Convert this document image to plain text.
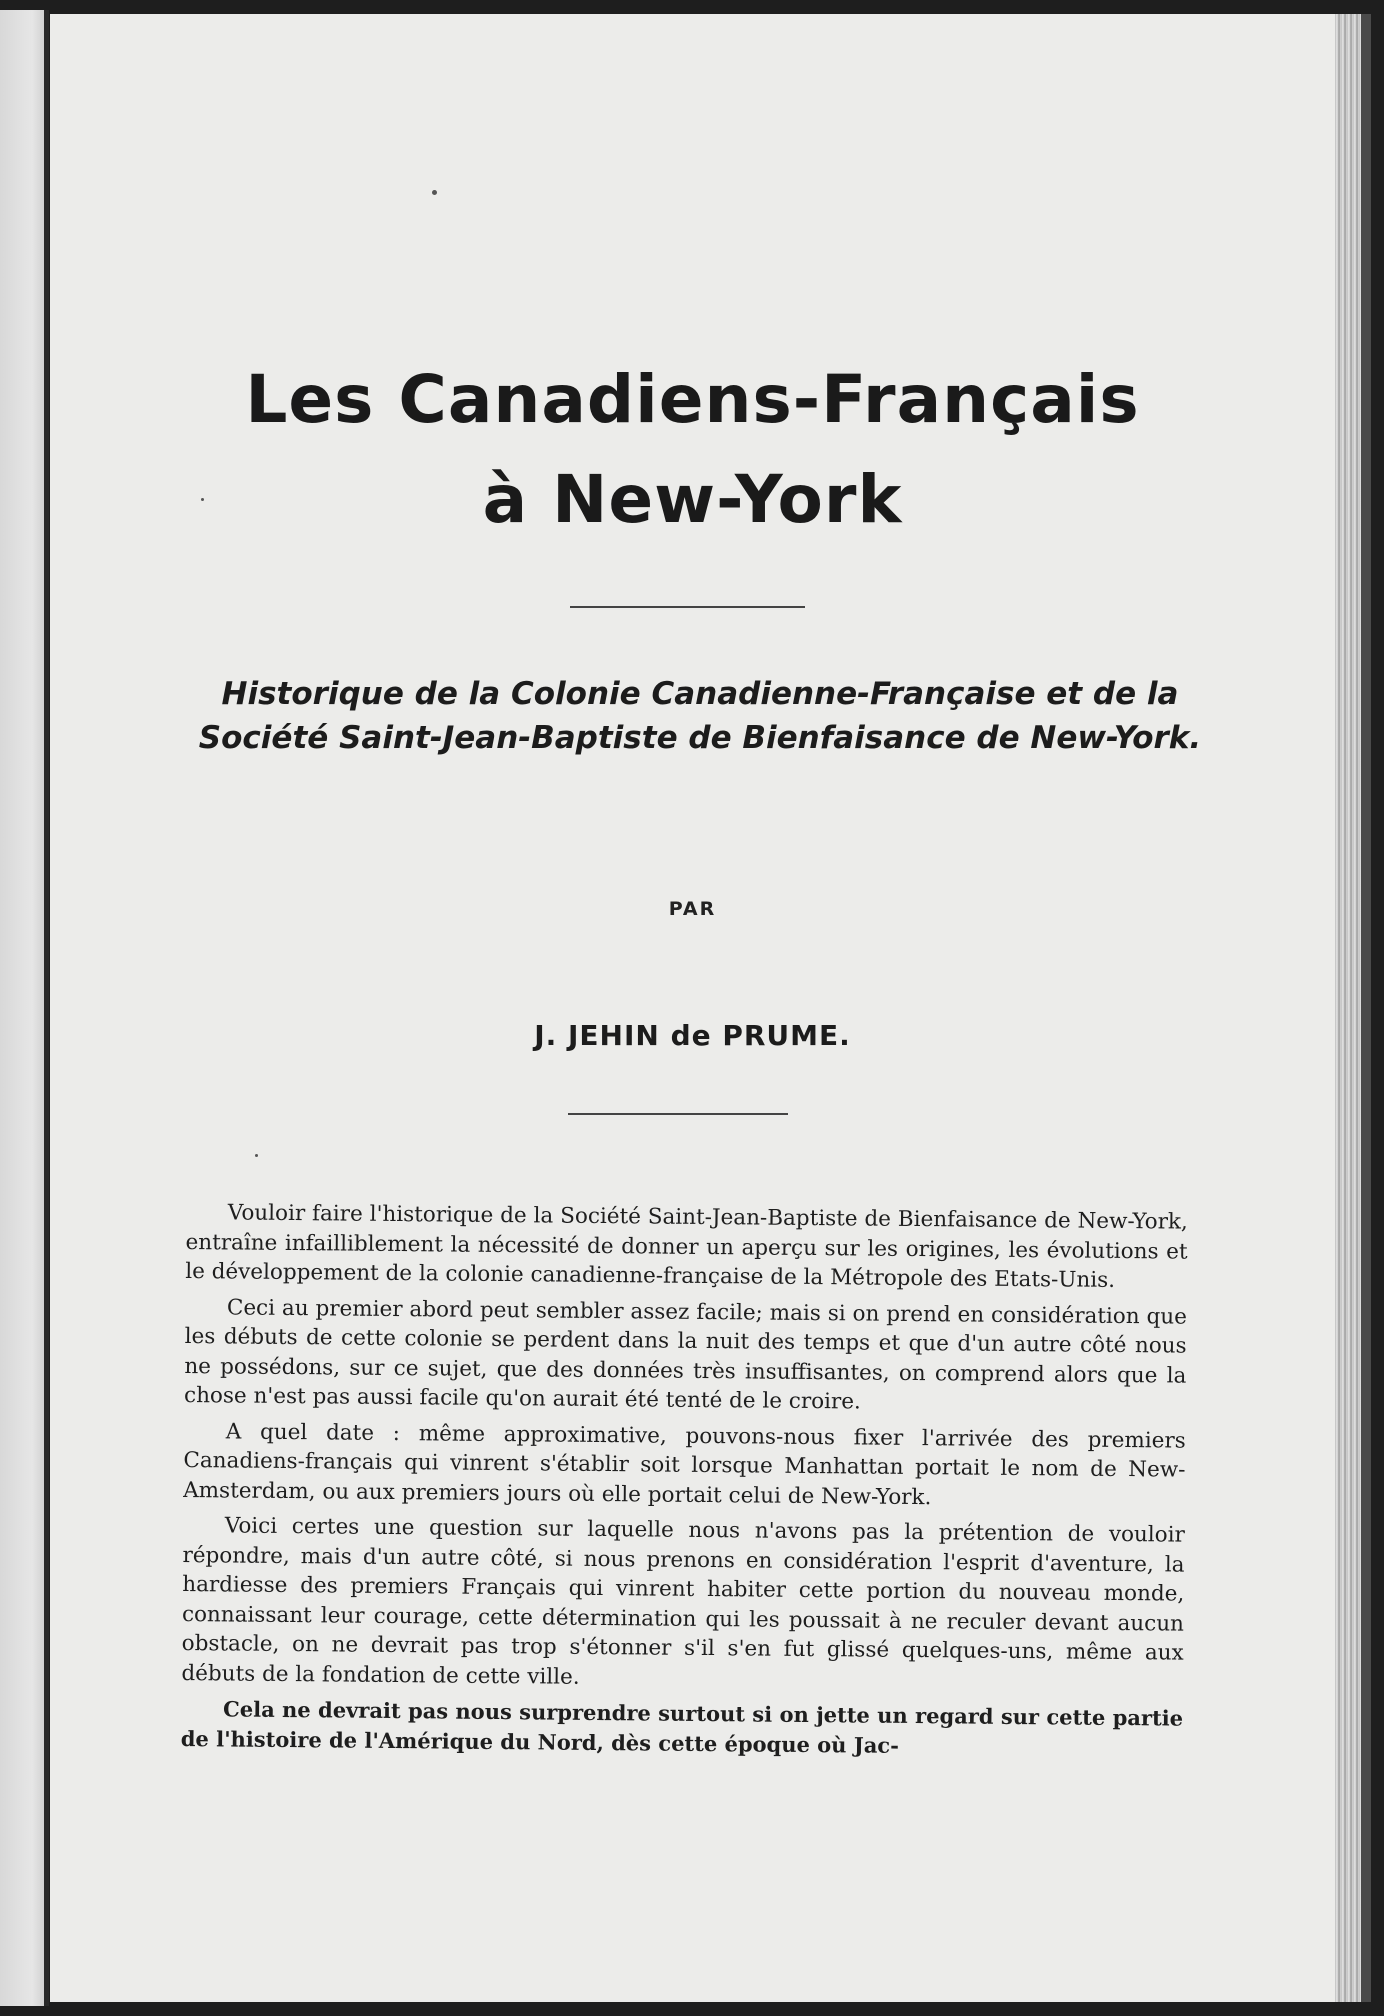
Les Canadiens-Français
à New-York

Historique de la Colonie Canadienne-Française et de la Société Saint-Jean-Baptiste de Bienfaisance de New-York.

PAR
J. JEHIN de PRUME.

Vouloir faire l'historique de la Société Saint-Jean-Baptiste de Bienfaisance de New-York, entraîne infailliblement la nécessité de donner un aperçu sur les origines, les évolutions et le développement de la colonie canadienne-française de la Métropole des Etats-Unis.

Ceci au premier abord peut sembler assez facile; mais si on prend en considération que les débuts de cette colonie se perdent dans la nuit des temps et que d'un autre côté nous ne possédons, sur ce sujet, que des données très insuffisantes, on comprend alors que la chose n'est pas aussi facile qu'on aurait été tenté de le croire.

A quel date : même approximative, pouvons-nous fixer l'arrivée des premiers Canadiens-français qui vinrent s'établir soit lorsque Manhattan portait le nom de New-Amsterdam, ou aux premiers jours où elle portait celui de New-York.

Voici certes une question sur laquelle nous n'avons pas la prétention de vouloir répondre, mais d'un autre côté, si nous prenons en considération l'esprit d'aventure, la hardiesse des premiers Français qui vinrent habiter cette portion du nouveau monde, connaissant leur courage, cette détermination qui les poussait à ne reculer devant aucun obstacle, on ne devrait pas trop s'étonner s'il s'en fut glissé quelques-uns, même aux débuts de la fondation de cette ville.

Cela ne devrait pas nous surprendre surtout si on jette un regard sur cette partie de l'histoire de l'Amérique du Nord, dès cette époque où Jac-
